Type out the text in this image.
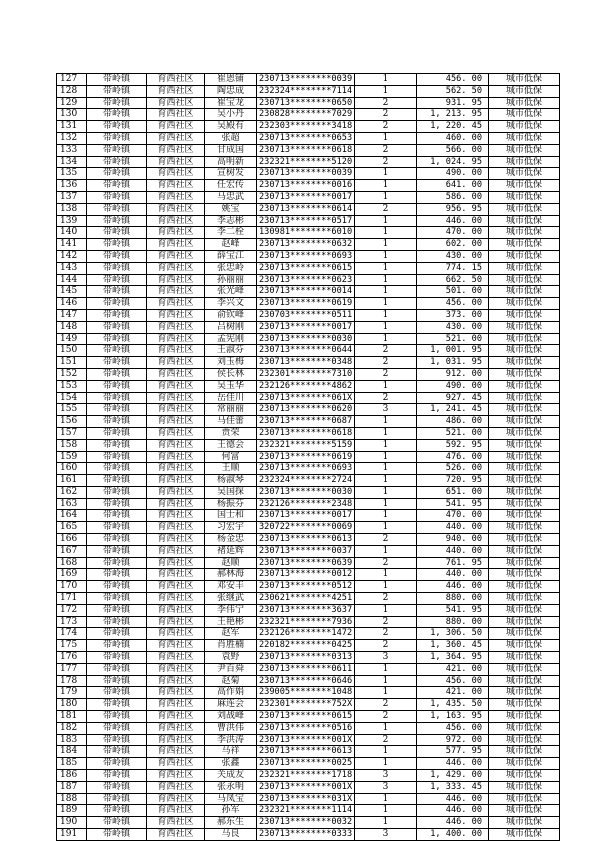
127	带岭镇	育西社区	崔恩铺	230713********0039	1	456. 00	城市低保
128	带岭镇	育西社区	陶忠成	232324********7114	1	562. 50	城市低保
129	带岭镇	育西社区	崔宝龙	230713********0650	2	931. 95	城市低保
130	带岭镇	育西社区	吴小丹	230828********7029	2	1, 213. 95	城市低保
131	带岭镇	育西社区	吴殿有	232303********3418	2	1, 220. 45	城市低保
132	带岭镇	育西社区	张超	230713********0653	1	460. 00	城市低保
133	带岭镇	育西社区	甘成国	230713********0618	2	566. 00	城市低保
134	带岭镇	育西社区	高明新	232321********5120	2	1, 024. 95	城市低保
135	带岭镇	育西社区	宣树发	230713********0039	1	490. 00	城市低保
136	带岭镇	育西社区	任宏传	230713********0016	1	641. 00	城市低保
137	带岭镇	育西社区	马忠武	230713********0017	1	586. 00	城市低保
138	带岭镇	育西社区	姚宝	230713********0614	2	956. 95	城市低保
139	带岭镇	育西社区	李志彬	230713********0517	1	446. 00	城市低保
140	带岭镇	育西社区	李二栓	130981********6010	1	470. 00	城市低保
141	带岭镇	育西社区	赵峰	230713********0632	1	602. 00	城市低保
142	带岭镇	育西社区	薛宝江	230713********0693	1	430. 00	城市低保
143	带岭镇	育西社区	张忠岭	230713********0615	1	774. 15	城市低保
144	带岭镇	育西社区	孙丽丽	230713********0623	1	662. 50	城市低保
145	带岭镇	育西社区	张光峰	230713********0014	1	501. 00	城市低保
146	带岭镇	育西社区	李兴文	230713********0619	1	456. 00	城市低保
147	带岭镇	育西社区	俞钦峰	230703********0511	1	373. 00	城市低保
148	带岭镇	育西社区	吕树刚	230713********0017	1	430. 00	城市低保
149	带岭镇	育西社区	孟宪刚	230713********0030	1	521. 00	城市低保
150	带岭镇	育西社区	王淑芬	230713********0644	2	1, 001. 95	城市低保
151	带岭镇	育西社区	刘玉梅	230713********0348	2	1, 031. 95	城市低保
152	带岭镇	育西社区	侯长林	232301********7310	2	912. 00	城市低保
153	带岭镇	育西社区	吴玉华	232126********4862	1	490. 00	城市低保
154	带岭镇	育西社区	岳佳川	230713********061X	2	927. 45	城市低保
155	带岭镇	育西社区	常丽丽	230713********0620	3	1, 241. 45	城市低保
156	带岭镇	育西社区	马佳蕾	230713********0687	1	486. 00	城市低保
157	带岭镇	育西社区	贾荣	230713********0618	1	521. 00	城市低保
158	带岭镇	育西社区	王德会	232321********5159	1	592. 95	城市低保
159	带岭镇	育西社区	何富	230713********0619	1	476. 00	城市低保
160	带岭镇	育西社区	王顺	230713********0693	1	526. 00	城市低保
161	带岭镇	育西社区	杨淑琴	232324********2724	1	720. 95	城市低保
162	带岭镇	育西社区	吴国探	230713********0030	1	651. 00	城市低保
163	带岭镇	育西社区	杨振芬	232126********2348	1	541. 95	城市低保
164	带岭镇	育西社区	国士和	230713********0017	1	470. 00	城市低保
165	带岭镇	育西社区	习宏宇	320722********0069	1	440. 00	城市低保
166	带岭镇	育西社区	杨金忠	230713********0613	2	940. 00	城市低保
167	带岭镇	育西社区	褚延辉	230713********0037	1	440. 00	城市低保
168	带岭镇	育西社区	赵顺	230713********0639	2	761. 95	城市低保
169	带岭镇	育西社区	郝林海	230713********0012	1	440. 00	城市低保
170	带岭镇	育西社区	邓安丰	230713********0512	1	446. 00	城市低保
171	带岭镇	育西社区	张继武	230621********4251	2	880. 00	城市低保
172	带岭镇	育西社区	李伟宁	230713********3637	1	541. 95	城市低保
173	带岭镇	育西社区	王艳彬	232321********7936	2	880. 00	城市低保
174	带岭镇	育西社区	赵军	232126********1472	2	1, 306. 50	城市低保
175	带岭镇	育西社区	肖胜楠	220182********0425	2	1, 360. 45	城市低保
176	带岭镇	育西社区	袁野	230713********0313	3	1, 364. 95	城市低保
177	带岭镇	育西社区	尹百舜	230713********0611	1	421. 00	城市低保
178	带岭镇	育西社区	赵菊	230713********0646	1	456. 00	城市低保
179	带岭镇	育西社区	高作娟	239005********1048	1	421. 00	城市低保
180	带岭镇	育西社区	麻连会	232301********752X	2	1, 435. 50	城市低保
181	带岭镇	育西社区	刘战峰	230713********0615	2	1, 163. 95	城市低保
182	带岭镇	育西社区	曹洪伟	230713********0516	1	456. 00	城市低保
183	带岭镇	育西社区	李洪涛	230713********001X	2	972. 00	城市低保
184	带岭镇	育西社区	马祥	230713********0613	1	577. 95	城市低保
185	带岭镇	育西社区	张鑫	230713********0025	1	446. 00	城市低保
186	带岭镇	育西社区	关成友	232321********1718	3	1, 429. 00	城市低保
187	带岭镇	育西社区	张永明	230713********001X	3	1, 333. 45	城市低保
188	带岭镇	育西社区	马凤宝	230713********031X	1	446. 00	城市低保
189	带岭镇	育西社区	孙军	232321********1114	1	446. 00	城市低保
190	带岭镇	育西社区	郝东生	230713********0032	1	446. 00	城市低保
191	带岭镇	育西社区	马良	230713********0333	3	1, 400. 00	城市低保
